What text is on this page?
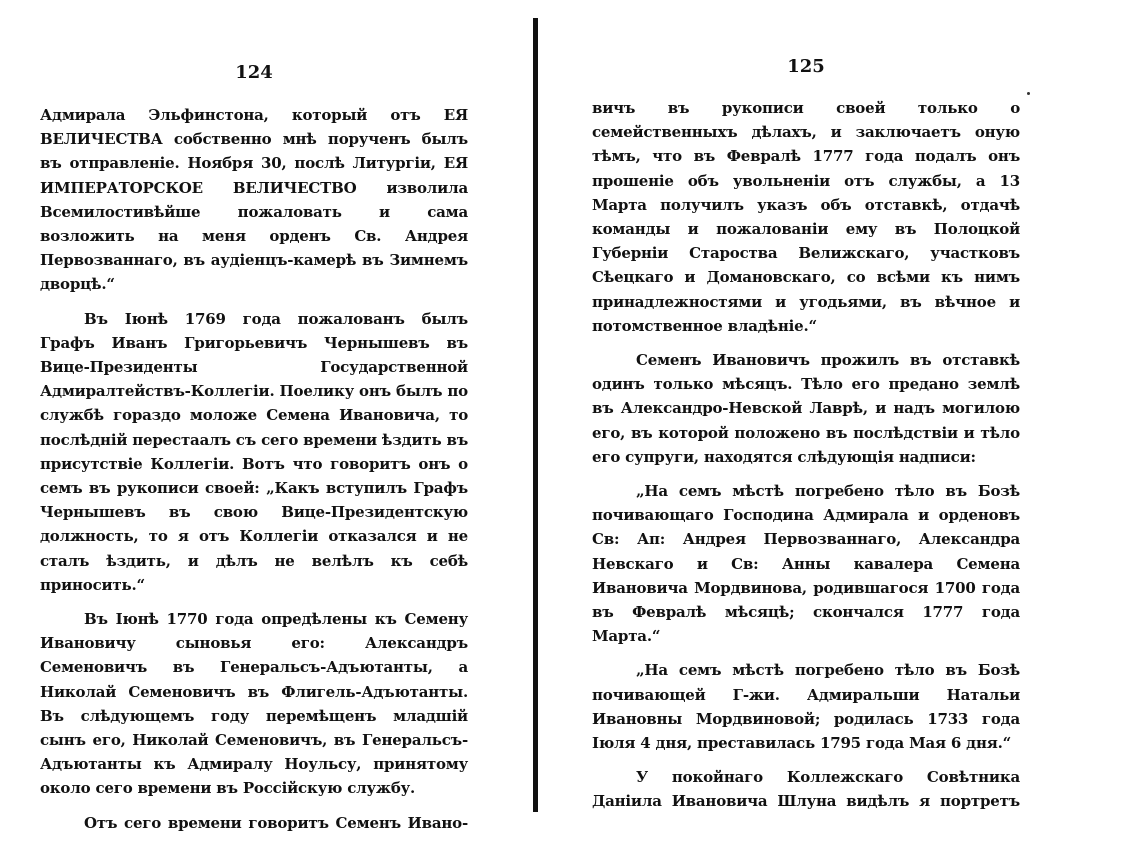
124

Адмирала Эльфинстона, который отъ ЕЯ ВЕЛИЧЕСТВА собственно мнѣ порученъ былъ въ отправленіе. Ноября 30, послѣ Литургіи, ЕЯ ИМПЕРАТОРСКОЕ ВЕЛИЧЕСТВО изволила Всемилостивѣйше пожаловать и сама возложить на меня орденъ Св. Андрея Первозваннаго, въ аудіенцъ-камерѣ въ Зимнемъ дворцѣ.“

Въ Іюнѣ 1769 года пожалованъ былъ Графъ Иванъ Григорьевичъ Чернышевъ въ Вице-Президенты Государственной Адмиралтействъ-Коллегіи. Поелику онъ былъ по службѣ гораздо моложе Семена Ивановича, то послѣдній перестаалъ съ сего времени ѣздить въ присутствіе Коллегіи. Вотъ что говоритъ онъ о семъ въ рукописи своей: „Какъ вступилъ Графъ Чернышевъ въ свою Вице-Президентскую должность, то я отъ Коллегіи отказался и не сталъ ѣздить, и дѣлъ не велѣлъ къ себѣ приносить.“

Въ Іюнѣ 1770 года опредѣлены къ Семену Ивановичу сыновья его: Александръ Семеновичъ въ Генеральсъ-Адъютанты, а Николай Семеновичъ въ Флигель-Адъютанты. Въ слѣдующемъ году перемѣщенъ младшій сынъ его, Николай Семеновичъ, въ Генеральсъ-Адъютанты къ Адмиралу Ноульсу, принятому около сего времени въ Россійскую службу.

Отъ сего времени говоритъ Семенъ Ивано-

125

вичъ въ рукописи своей только о семейственныхъ дѣлахъ, и заключаетъ оную тѣмъ, что въ Февралѣ 1777 года подалъ онъ прошеніе объ увольненіи отъ службы, а 13 Марта получилъ указъ объ отставкѣ, отдачѣ команды и пожалованіи ему въ Полоцкой Губерніи Староства Велижскаго, участковъ Сѣецкаго и Домановскаго, со всѣми къ нимъ принадлежностями и угодьями, въ вѣчное и потомственное владѣніе.“

Семенъ Ивановичъ прожилъ въ отставкѣ одинъ только мѣсяцъ. Тѣло его предано землѣ въ Александро-Невской Лаврѣ, и надъ могилою его, въ которой положено въ послѣдствіи и тѣло его супруги, находятся слѣдующія надписи:

„На семъ мѣстѣ погребено тѣло въ Бозѣ почивающаго Господина Адмирала и орденовъ Св: Ап: Андрея Первозваннаго, Александра Невскаго и Св: Анны кавалера Семена Ивановича Мордвинова, родившагося 1700 года въ Февралѣ мѣсяцѣ; скончался 1777 года Марта.“

„На семъ мѣстѣ погребено тѣло въ Бозѣ почивающей Г-жи. Адмиральши Натальи Ивановны Мордвиновой; родилась 1733 года Іюля 4 дня, преставилась 1795 года Мая 6 дня.“

У покойнаго Коллежскаго Совѣтника Даніила Ивановича Шлуна видѣлъ я портретъ
